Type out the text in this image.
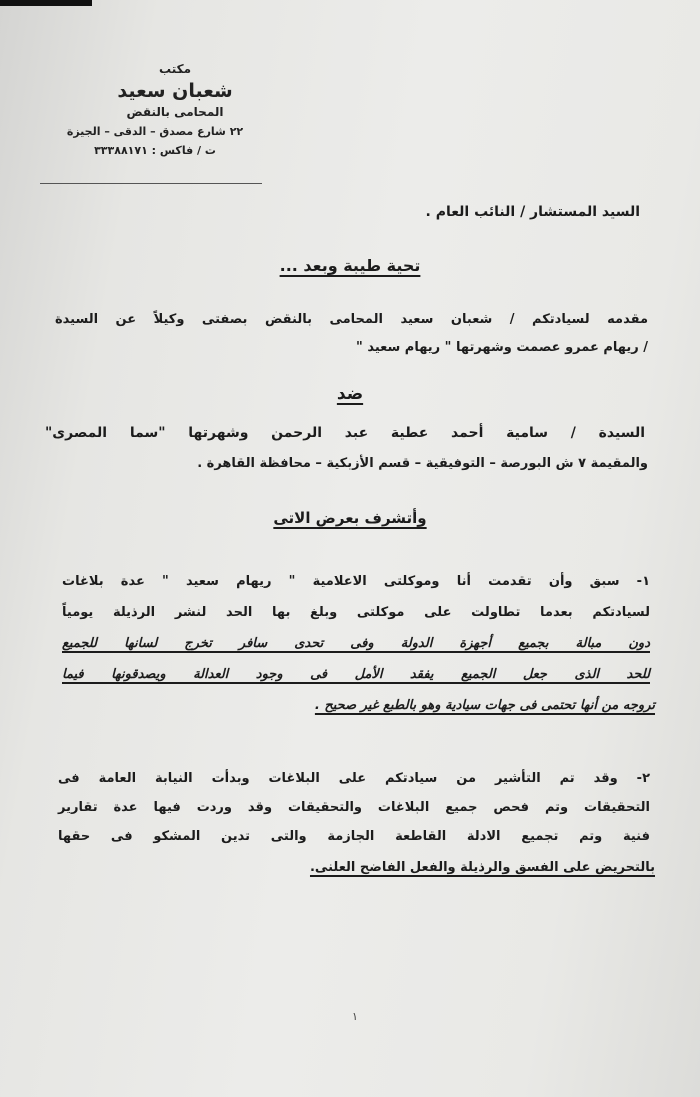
مكتب
شعبان سعيد
المحامى بالنقض
٢٢ شارع مصدق – الدقى – الجيزة
ت / فاكس : ٣٣٣٨٨١٧١
السيد المستشار / النائب العام .
تحية طيبة وبعد ...
مقدمه لسيادتكم / شعبان سعيد المحامى بالنقض بصفتى وكيلاً عن السيدة
/ ريهام عمرو عصمت وشهرتها " ريهام سعيد "
ضد
السيدة / سامية أحمد عطية عبد الرحمن وشهرتها "سما المصرى"
والمقيمة ٧ ش البورصة – التوفيقية – قسم الأزبكية – محافظة القاهرة .
وأتشرف بعرض الاتى
١- سبق وأن تقدمت أنا وموكلتى الاعلامية " ريهام سعيد " عدة بلاغات
لسيادتكم بعدما تطاولت على موكلتى وبلغ بها الحد لنشر الرذيلة يومياً
دون مبالة بجميع أجهزة الدولة وفى تحدى سافر تخرج لسانها للجميع
للحد الذى جعل الجميع يفقد الأمل فى وجود العدالة ويصدقونها فيما
تروجه من أنها تحتمى فى جهات سيادية وهو بالطبع غير صحيح .
٢- وقد تم التأشير من سيادتكم على البلاغات وبدأت النيابة العامة فى
التحقيقات وتم فحص جميع البلاغات والتحقيقات وقد وردت فيها عدة تقارير
فنية وتم تجميع الادلة القاطعة الجازمة والتى تدين المشكو فى حقها
بالتحريض على الفسق والرذيلة والفعل الفاضح العلنى.
١
